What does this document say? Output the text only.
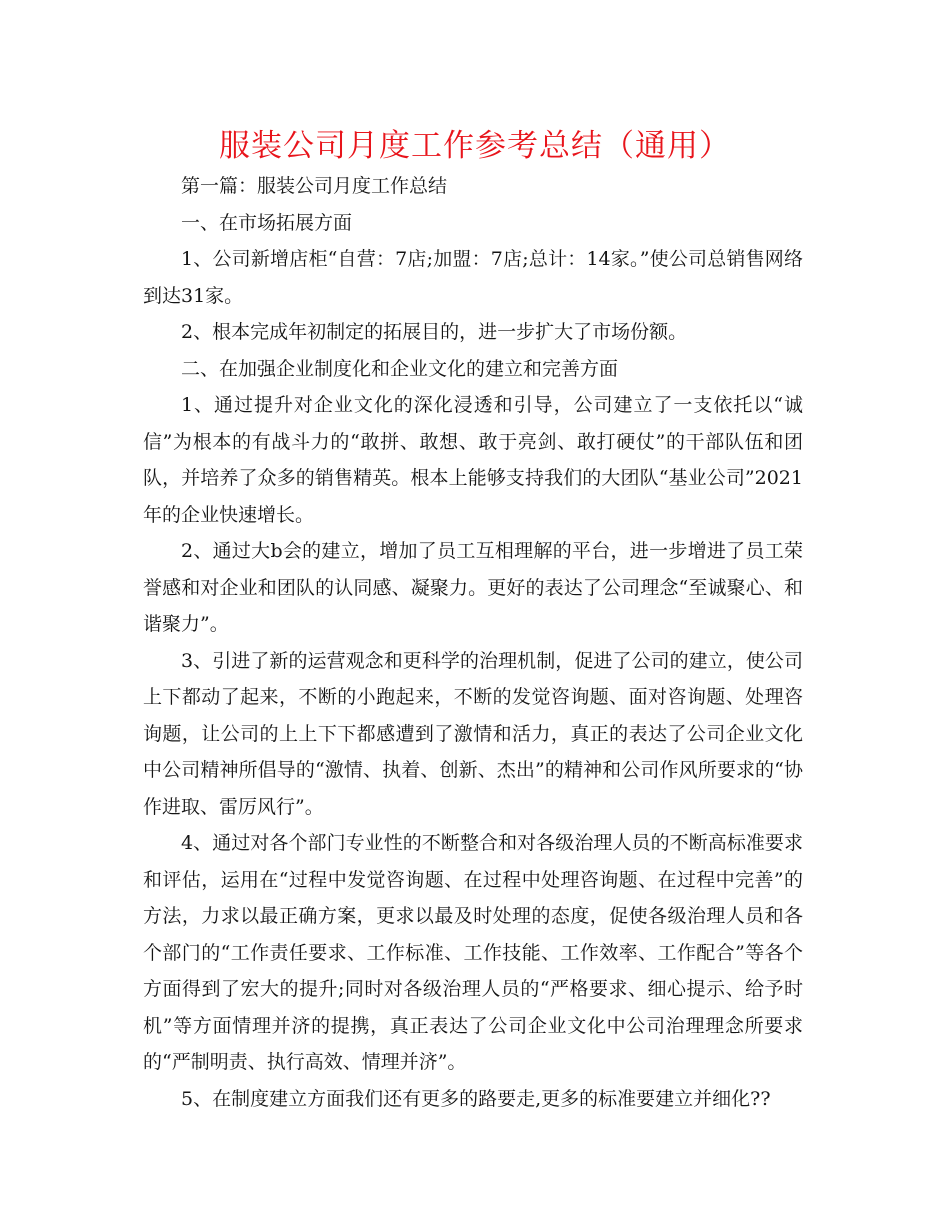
服装公司月度工作参考总结（通用）

第一篇：服装公司月度工作总结

一、在市场拓展方面

1、公司新增店柜“自营：7店;加盟：7店;总计：14家。”使公司总销售网络到达31家。

2、根本完成年初制定的拓展目的，进一步扩大了市场份额。

二、在加强企业制度化和企业文化的建立和完善方面

1、通过提升对企业文化的深化浸透和引导，公司建立了一支依托以“诚信”为根本的有战斗力的“敢拼、敢想、敢于亮剑、敢打硬仗”的干部队伍和团队，并培养了众多的销售精英。根本上能够支持我们的大团队“基业公司”2021年的企业快速增长。

2、通过大b会的建立，增加了员工互相理解的平台，进一步增进了员工荣誉感和对企业和团队的认同感、凝聚力。更好的表达了公司理念“至诚聚心、和谐聚力”。

3、引进了新的运营观念和更科学的治理机制，促进了公司的建立，使公司上下都动了起来，不断的小跑起来，不断的发觉咨询题、面对咨询题、处理咨询题，让公司的上上下下都感遭到了激情和活力，真正的表达了公司企业文化中公司精神所倡导的“激情、执着、创新、杰出”的精神和公司作风所要求的“协作进取、雷厉风行”。

4、通过对各个部门专业性的不断整合和对各级治理人员的不断高标准要求和评估，运用在“过程中发觉咨询题、在过程中处理咨询题、在过程中完善”的方法，力求以最正确方案，更求以最及时处理的态度，促使各级治理人员和各个部门的“工作责任要求、工作标准、工作技能、工作效率、工作配合”等各个方面得到了宏大的提升;同时对各级治理人员的“严格要求、细心提示、给予时机”等方面情理并济的提携，真正表达了公司企业文化中公司治理理念所要求的“严制明责、执行高效、情理并济”。

5、在制度建立方面我们还有更多的路要走,更多的标准要建立并细化??
